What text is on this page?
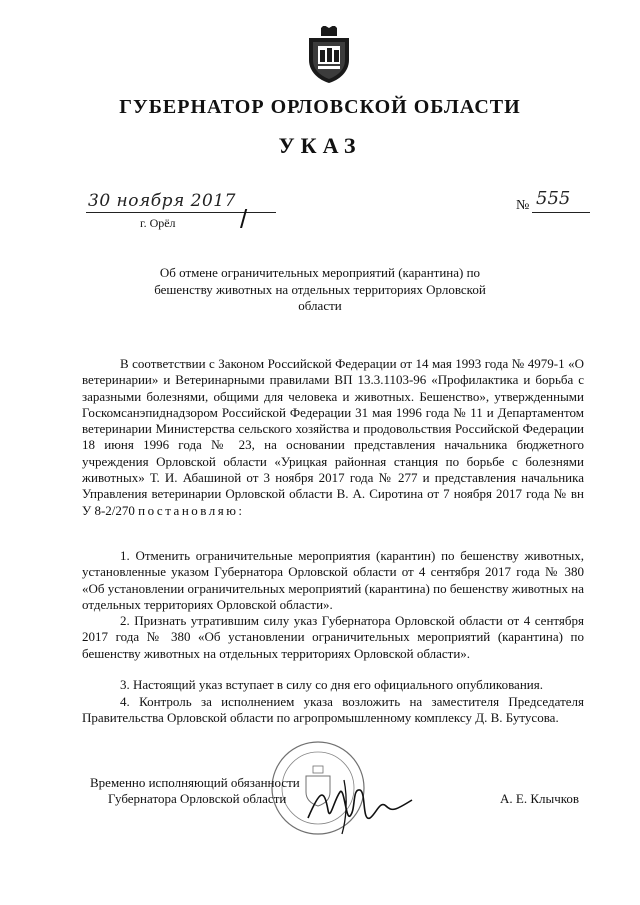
ГУБЕРНАТОР ОРЛОВСКОЙ ОБЛАСТИ
УКАЗ
30 ноября 2017
г. Орёл /	№ 555
Об отмене ограничительных мероприятий (карантина) по бешенству животных на отдельных территориях Орловской области
В соответствии с Законом Российской Федерации от 14 мая 1993 года № 4979-1 «О ветеринарии» и Ветеринарными правилами ВП 13.3.1103-96 «Профилактика и борьба с заразными болезнями, общими для человека и животных. Бешенство», утвержденными Госкомсанэпиднадзором Российской Федерации 31 мая 1996 года № 11 и Департаментом ветеринарии Министерства сельского хозяйства и продовольствия Российской Федерации 18 июня 1996 года № 23, на основании представления начальника бюджетного учреждения Орловской области «Урицкая районная станция по борьбе с болезнями животных» Т. И. Абашиной от 3 ноября 2017 года № 277 и представления начальника Управления ветеринарии Орловской области В. А. Сиротина от 7 ноября 2017 года № вн У 8-2/270 постановляю:
1. Отменить ограничительные мероприятия (карантин) по бешенству животных, установленные указом Губернатора Орловской области от 4 сентября 2017 года № 380 «Об установлении ограничительных мероприятий (карантина) по бешенству животных на отдельных территориях Орловской области».
2. Признать утратившим силу указ Губернатора Орловской области от 4 сентября 2017 года № 380 «Об установлении ограничительных мероприятий (карантина) по бешенству животных на отдельных территориях Орловской области».
3. Настоящий указ вступает в силу со дня его официального опубликования.
4. Контроль за исполнением указа возложить на заместителя Председателя Правительства Орловской области по агропромышленному комплексу Д. В. Бутусова.
Временно исполняющий обязанности
Губернатора Орловской области	А. Е. Клычков
